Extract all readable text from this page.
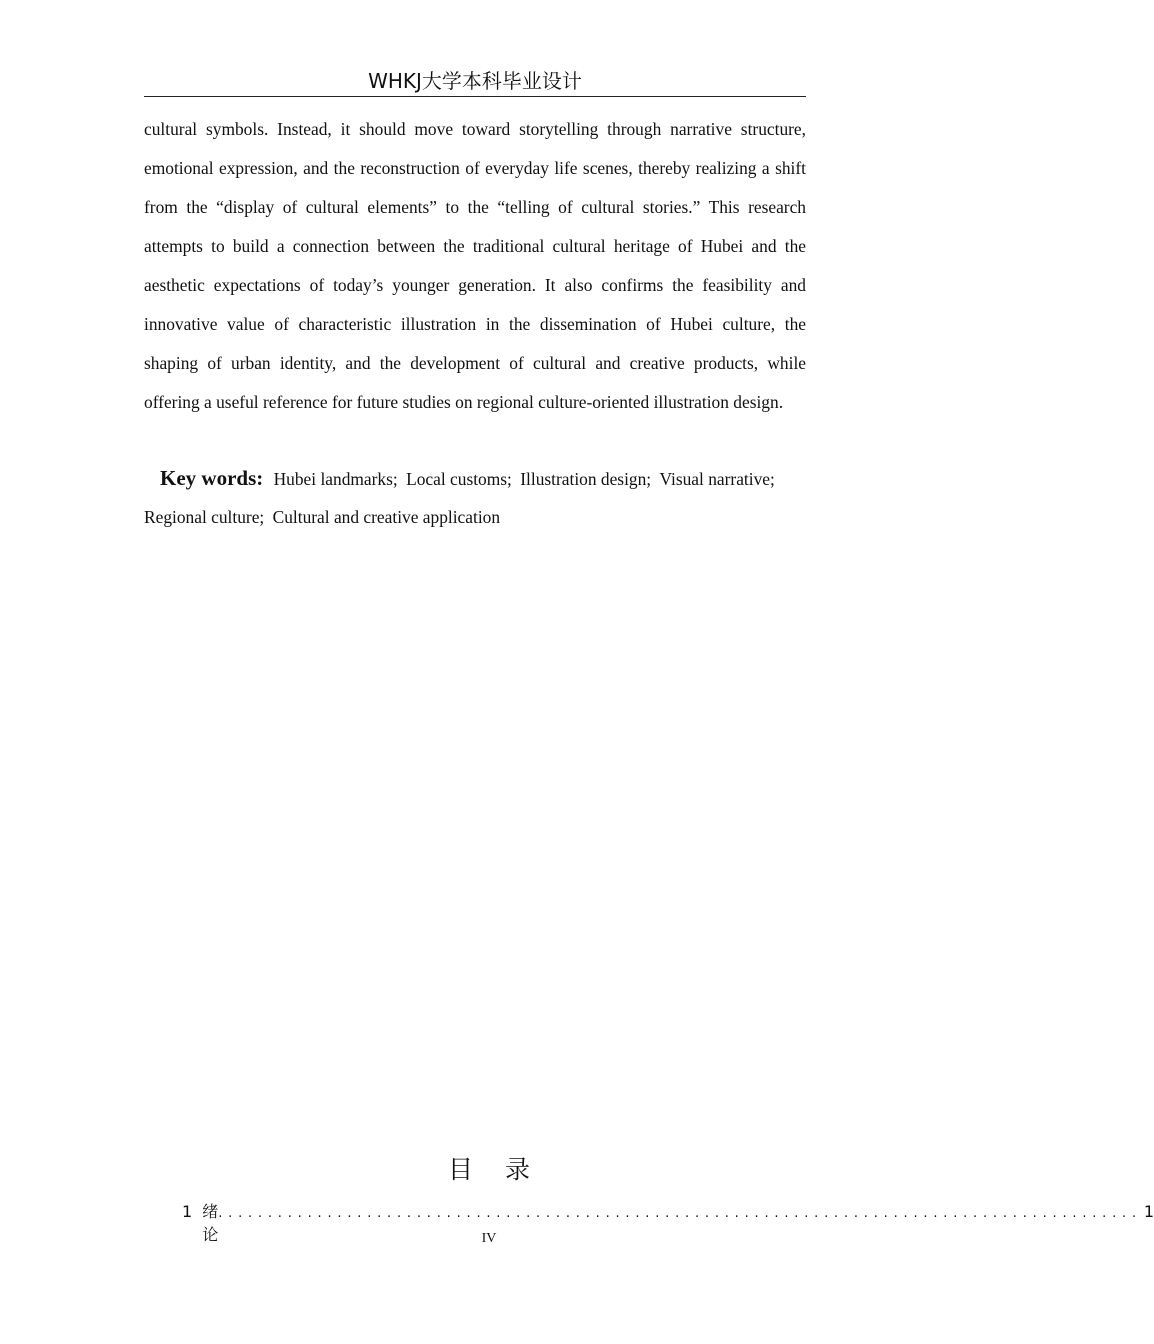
WHKJ大学本科毕业设计

cultural symbols. Instead, it should move toward storytelling through narrative structure, emotional expression, and the reconstruction of everyday life scenes, thereby realizing a shift from the “display of cultural elements” to the “telling of cultural stories.” This research attempts to build a connection between the traditional cultural heritage of Hubei and the aesthetic expectations of today’s younger generation. It also confirms the feasibility and innovative value of characteristic illustration in the dissemination of Hubei culture, the shaping of urban identity, and the development of cultural and creative products, while offering a useful reference for future studies on regional culture-oriented illustration design.

Key words: Hubei landmarks; Local customs; Illustration design; Visual narrative; Regional culture; Cultural and creative application

目 录
1 绪论
............................................................................................. 1
IV
